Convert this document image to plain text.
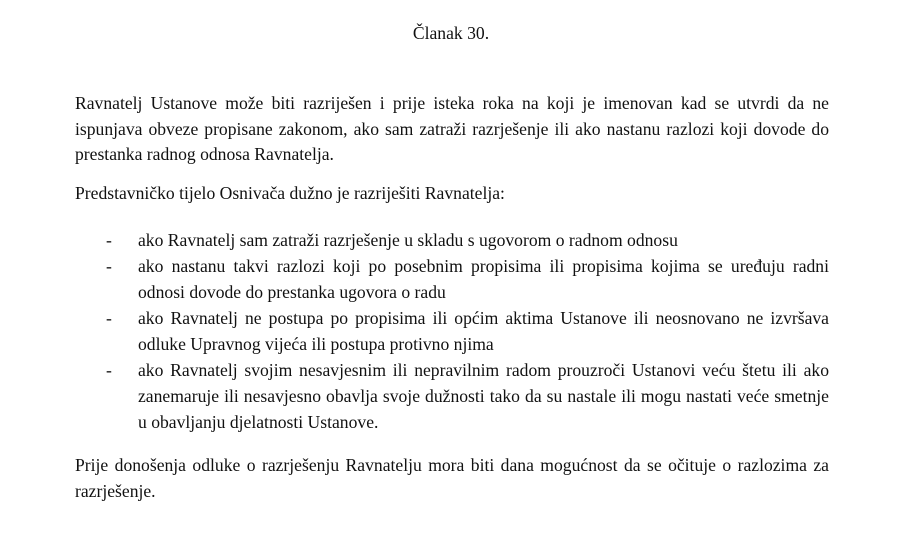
Članak 30.

Ravnatelj Ustanove može biti razriješen i prije isteka roka na koji je imenovan kad se utvrdi da ne ispunjava obveze propisane zakonom, ako sam zatraži razrješenje ili ako nastanu razlozi koji dovode do prestanka radnog odnosa Ravnatelja.

Predstavničko tijelo Osnivača dužno je razriješiti Ravnatelja:

- ako Ravnatelj sam zatraži razrješenje u skladu s ugovorom o radnom odnosu
- ako nastanu takvi razlozi koji po posebnim propisima ili propisima kojima se uređuju radni odnosi dovode do prestanka ugovora o radu
- ako Ravnatelj ne postupa po propisima ili općim aktima Ustanove ili neosnovano ne izvršava odluke Upravnog vijeća ili postupa protivno njima
- ako Ravnatelj svojim nesavjesnim ili nepravilnim radom prouzroči Ustanovi veću štetu ili ako zanemaruje ili nesavjesno obavlja svoje dužnosti tako da su nastale ili mogu nastati veće smetnje u obavljanju djelatnosti Ustanove.

Prije donošenja odluke o razrješenju Ravnatelju mora biti dana mogućnost da se očituje o razlozima za razrješenje.
